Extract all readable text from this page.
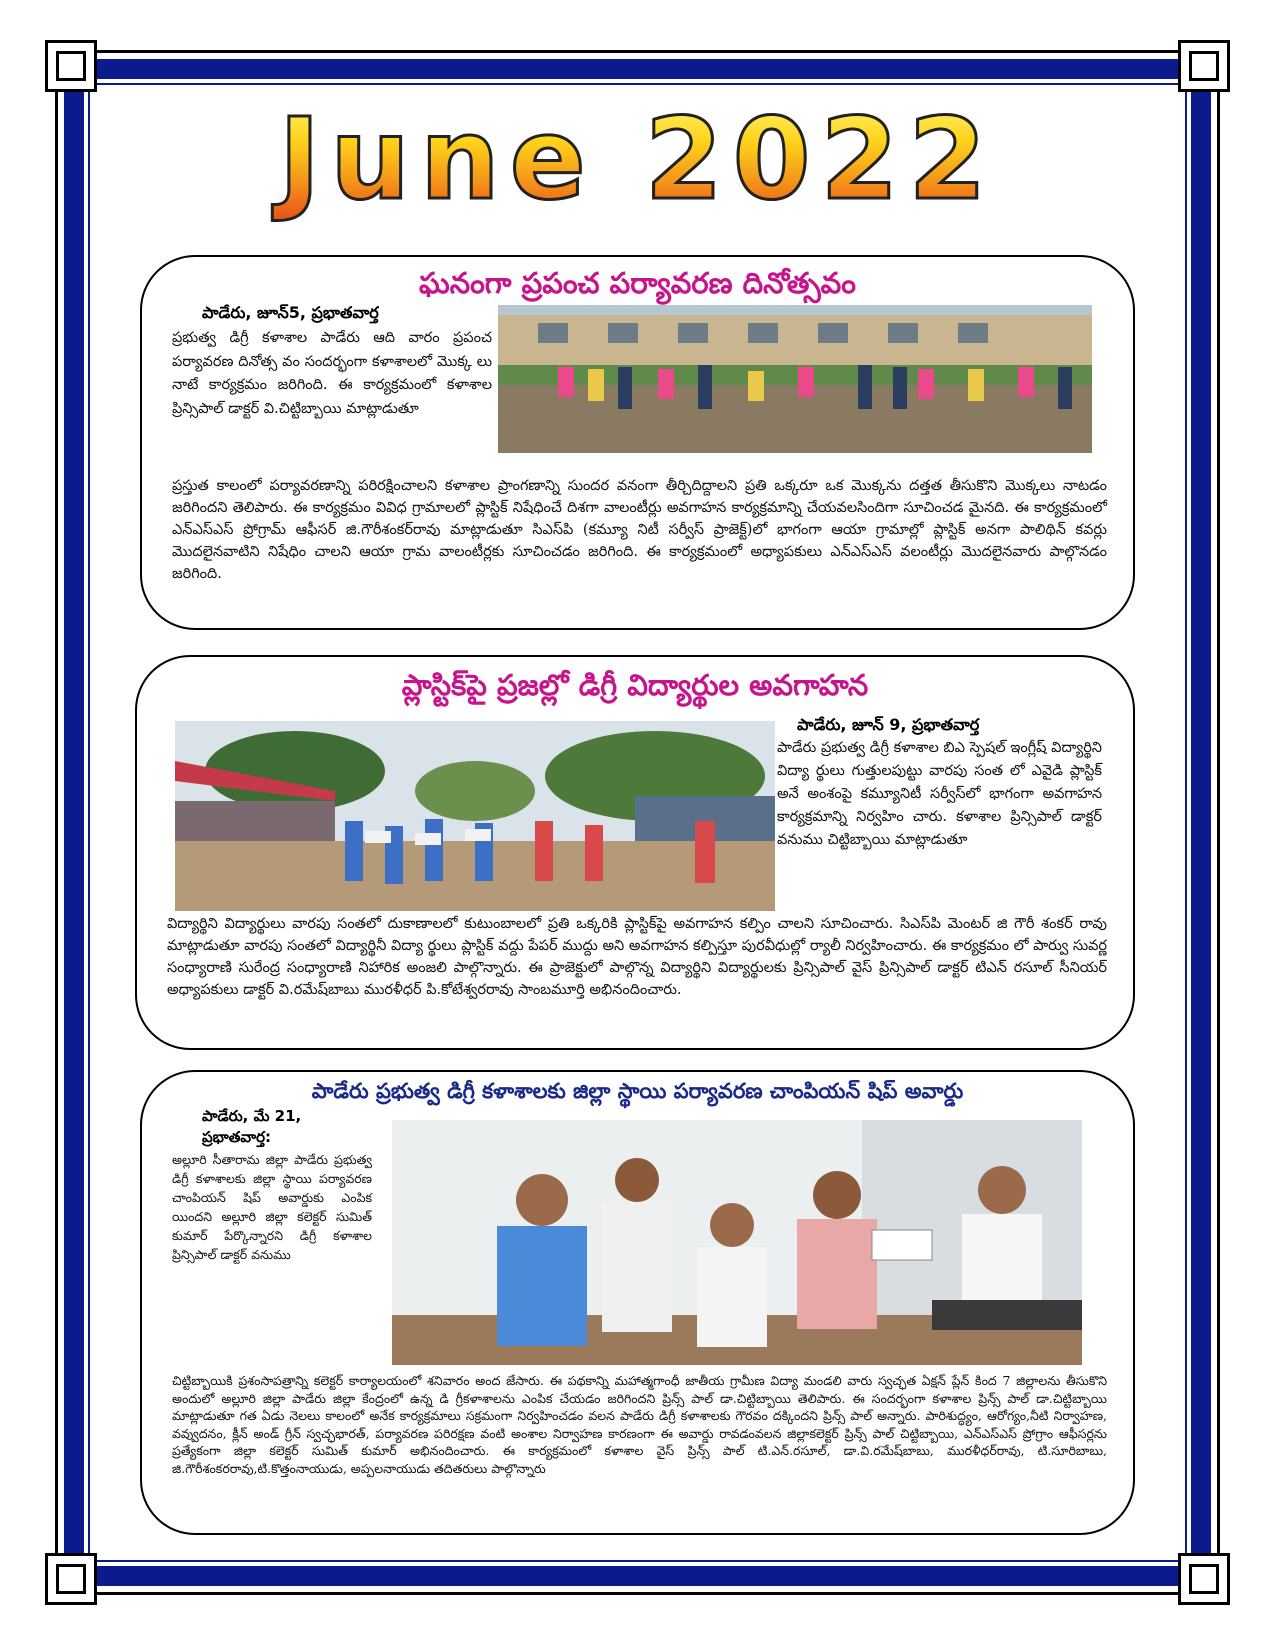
June 2022
ఘనంగా ప్రపంచ పర్యావరణ దినోత్సవం
పాడేరు, జూన్5, ప్రభాతవార్త
ప్రభుత్వ డిగ్రీ కళాశాల పాడేరు ఆది వారం ప్రపంచ పర్యావరణ దినోత్స వం సందర్భంగా కళాశాలలో మొక్క లు నాటే కార్యక్రమం జరిగింది. ఈ కార్యక్రమంలో కళాశాల ప్రిన్సిపాల్ డాక్టర్ వి.చిట్టిబ్బాయి మాట్లాడుతూ
ప్రస్తుత కాలంలో పర్యావరణాన్ని పరిరక్షించాలని కళాశాల ప్రాంగణాన్ని సుందర వనంగా తీర్చిదిద్దాలని ప్రతి ఒక్కరూ ఒక మొక్కను దత్తత తీసుకొని మొక్కలు నాటడం జరిగిందని తెలిపారు. ఈ కార్యక్రమం వివిధ గ్రామాలలో ప్లాస్టిక్ నిషేధించే దిశగా వాలంటీర్లు అవగాహన కార్యక్రమాన్ని చేయవలసిందిగా సూచించడ మైనది. ఈ కార్యక్రమంలో ఎన్ఎస్ఎస్ ప్రోగ్రామ్ ఆఫీసర్ జి.గౌరీశంకర్‌రావు మాట్లాడుతూ సిఎస్‌పి (కమ్యూ నిటీ సర్వీస్ ప్రాజెక్ట్)లో భాగంగా ఆయా గ్రామాల్లో ప్లాస్టిక్ అనగా పాలిథిన్ కవర్లు మొదలైనవాటిని నిషేధిం చాలని ఆయా గ్రామ వాలంటీర్లకు సూచించడం జరిగింది. ఈ కార్యక్రమంలో అధ్యాపకులు ఎన్ఎస్ఎస్ వలంటీర్లు మొదలైనవారు పాల్గొనడం జరిగింది.
ప్లాస్టిక్‌పై ప్రజల్లో డిగ్రీ విద్యార్థుల అవగాహన
పాడేరు, జూన్ 9, ప్రభాతవార్త
పాడేరు ప్రభుత్వ డిగ్రీ కళాశాల బిఎ స్పెషల్ ఇంగ్లీష్ విద్యార్థిని విద్యా ర్థులు గుత్తులపుట్టు వారపు సంత లో ఎవైడి ప్లాస్టిక్ అనే అంశంపై కమ్యూనిటీ సర్వీస్‌లో భాగంగా అవగాహన కార్యక్రమాన్ని నిర్వహిం చారు. కళాశాల ప్రిన్సిపాల్ డాక్టర్ వనుము చిట్టిబ్బాయి మాట్లాడుతూ
విద్యార్థిని విద్యార్థులు వారపు సంతలో దుకాణాలలో కుటుంబాలలో ప్రతి ఒక్కరికి ప్లాస్టిక్‌పై అవగాహన కల్పిం చాలని సూచించారు. సిఎస్‌పి మెంటర్ జి గౌరీ శంకర్ రావు మాట్లాడుతూ వారపు సంతలో విద్యార్థినీ విద్యా ర్థులు ప్లాస్టిక్ వద్దు పేపర్ ముద్దు అని అవగాహన కల్పిస్తూ పురవీధుల్లో ర్యాలీ నిర్వహించారు. ఈ కార్యక్రమం లో పార్వు సువర్ణ సంధ్యారాణి సురేంద్ర సంధ్యారాణి నిహారిక అంజలి పాల్గొన్నారు. ఈ ప్రాజెక్టులో పాల్గొన్న విద్యార్థిని విద్యార్థులకు ప్రిన్సిపాల్ వైస్ ప్రిన్సిపాల్ డాక్టర్ టిఎన్ రసూల్ సీనియర్ అధ్యాపకులు డాక్టర్ వి.రమేష్‌బాబు మురళీధర్ పి.కోటేశ్వరరావు సాంబమూర్తి అభినందించారు.
పాడేరు ప్రభుత్వ డిగ్రీ కళాశాలకు జిల్లా స్థాయి పర్యావరణ చాంపియన్ షిప్ అవార్డు
పాడేరు, మే 21, ప్రభాతవార్త:
అల్లూరి సీతారామ జిల్లా పాడేరు ప్రభుత్వ డిగ్రీ కళాశాలకు జిల్లా స్థాయి పర్యావరణ చాంపియన్ షిప్ అవార్డుకు ఎంపిక యిందని అల్లూరి జిల్లా కలెక్టర్ సుమిత్ కుమార్ పేర్కొన్నారని డిగ్రీ కళాశాల ప్రిన్సిపాల్ డాక్టర్ వనుము
చిట్టిబ్బాయికి ప్రశంసాపత్రాన్ని కలెక్టర్ కార్యాలయంలో శనివారం అంద జేసారు. ఈ పథకాన్ని మహాత్మగాంధీ జాతీయ గ్రామీణ విద్యా మండలి వారు స్వచ్ఛత ఏక్షన్ ప్లేన్ కింద 7 జిల్లాలను తీసుకొని అందులో అల్లూరి జిల్లా పాడేరు జిల్లా కేంద్రంలో ఉన్న డి గ్రీకళాశాలను ఎంపిక చేయడం జరిగిందని ప్రిన్స్ పాల్ డా.చిట్టిబ్బాయి తెలిపారు. ఈ సందర్భంగా కళాశాల ప్రిన్స్ పాల్ డా.చిట్టిబ్బాయి మాట్లాడుతూ గత ఏడు నెలలు కాలంలో అనేక కార్యక్రమాలు సక్రమంగా నిర్వహించడం వలన పాడేరు డిగ్రీ కళాశాలకు గౌరవం దక్కిందని ప్రిన్స్ పాల్ అన్నారు. పారిశుద్ధ్యం, ఆరోగ్యం,నీటి నిర్వాహణ, వవ్వుదనం, క్లీన్ అండ్ గ్రీన్ స్వచ్ఛభారత్, పర్యావరణ పరిరక్షణ వంటి అంశాల నిర్వాహణ కారణంగా ఈ అవార్డు రావడంవలన జిల్లాకలెక్టర్ ప్రిన్స్ పాల్ చిట్టిబ్బాయి, ఎన్ఎస్ఎస్ ప్రోగ్రాం ఆఫీసర్లను ప్రత్యేకంగా జిల్లా కలెక్టర్ సుమిత్ కుమార్ అభినందించారు. ఈ కార్యక్రమంలో కళాశాల వైస్ ప్రిన్స్ పాల్ టి.ఎన్.రసూల్, డా.వి.రమేష్‌బాబు, మురళీధర్‌రావు, టి.సూరిబాబు, జి.గౌరీశంకరరావు,టి.కొత్తంనాయుడు, అప్పలనాయుడు తదితరులు పాల్గొన్నారు
